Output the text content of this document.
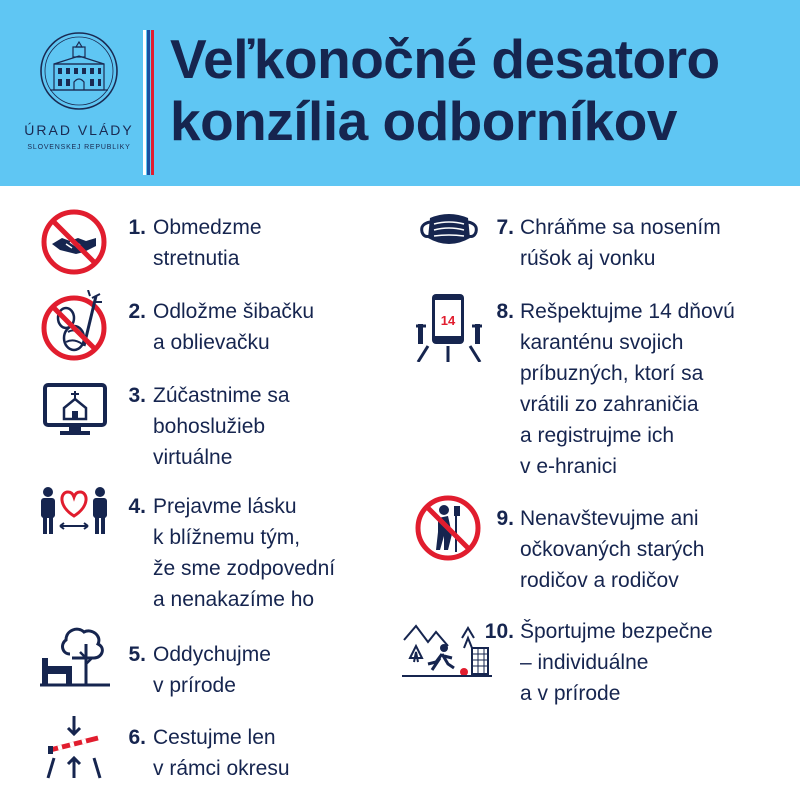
ÚRAD VLÁDY
SLOVENSKEJ REPUBLIKY
Veľkonočné desatoro
konzília odborníkov
1. Obmedzme
stretnutia
2. Odložme šibačku
a oblievačku
3. Zúčastnime sa
bohoslužieb
virtuálne
4. Prejavme lásku
k blížnemu tým,
že sme zodpovední
a nenakazíme ho
5. Oddychujme
v prírode
6. Cestujme len
v rámci okresu
7. Chráňme sa nosením
rúšok aj vonku
14	8. Rešpektujme 14 dňovú
karanténu svojich
príbuzných, ktorí sa
vrátili zo zahraničia
a registrujme ich
v e-hranici
9. Nenavštevujme ani
očkovaných starých
rodičov a rodičov
10. Športujme bezpečne
– individuálne
a v prírode
